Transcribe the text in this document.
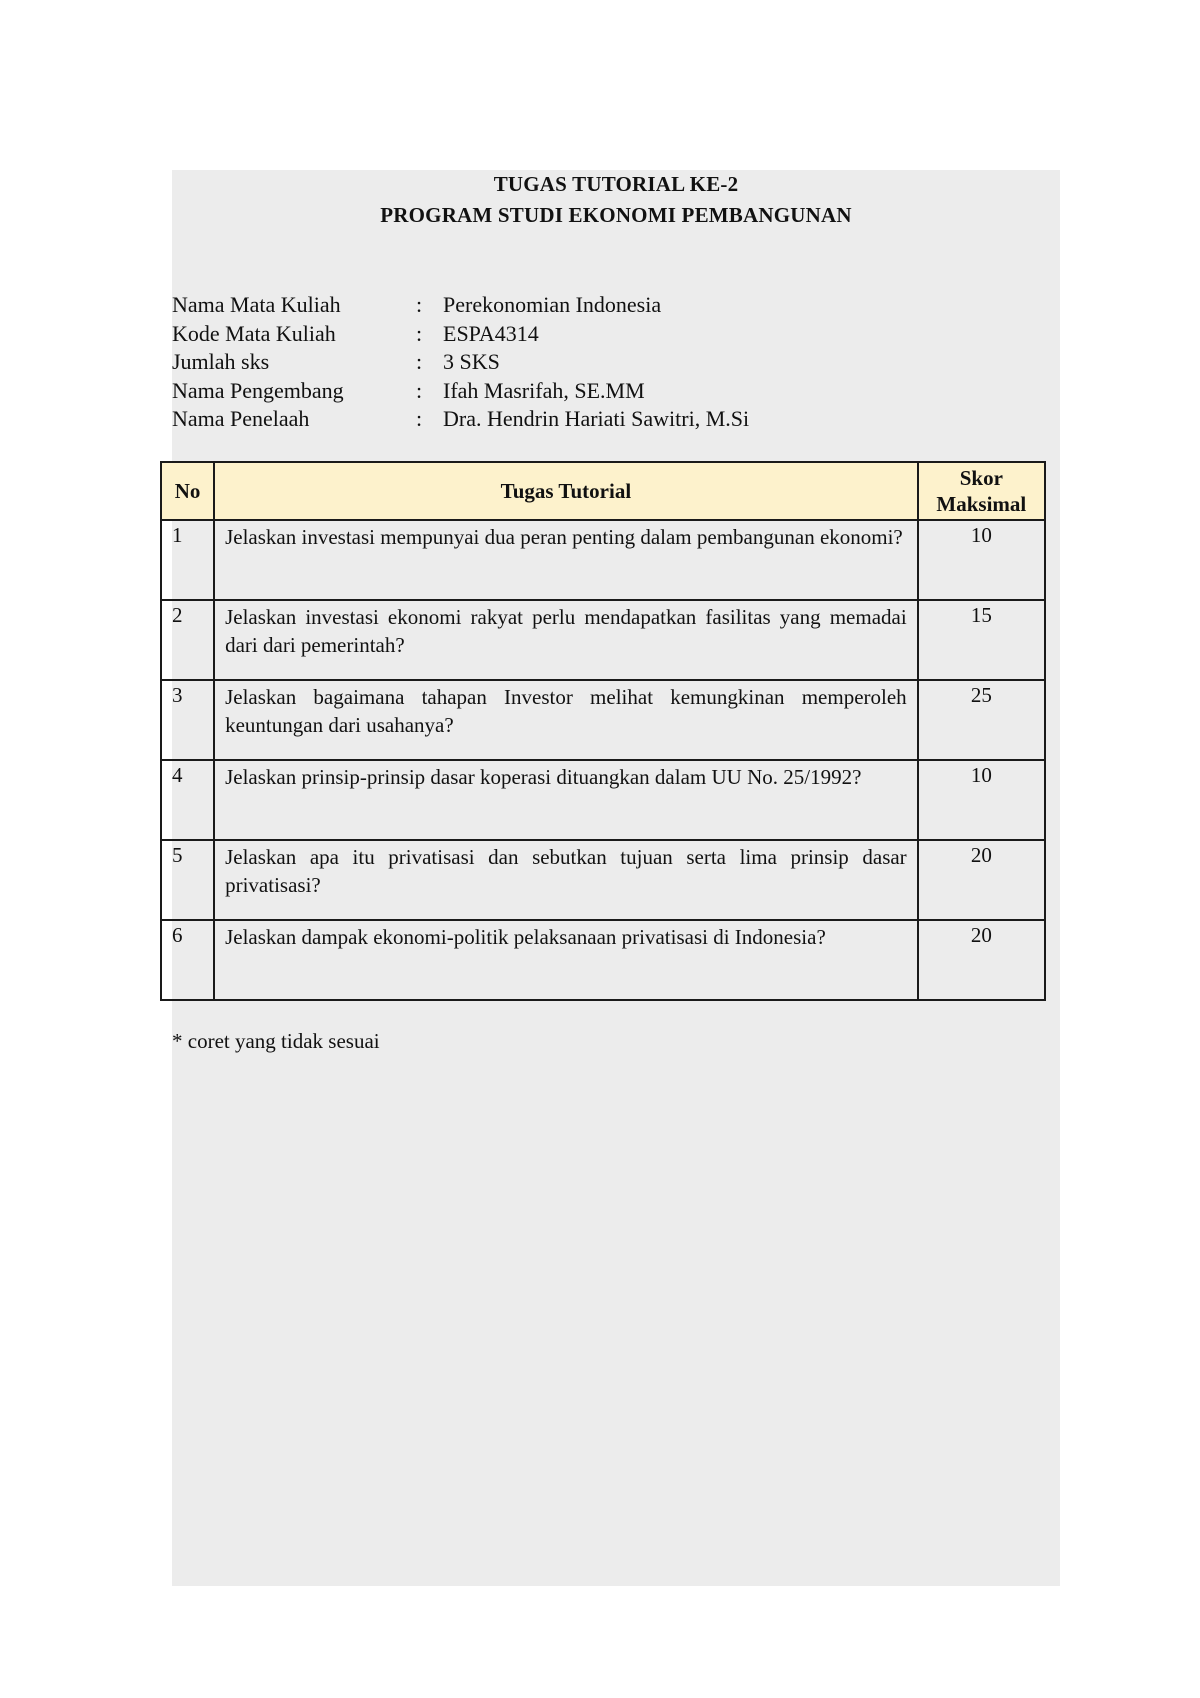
TUGAS TUTORIAL KE-2
PROGRAM STUDI EKONOMI PEMBANGUNAN
Nama Mata Kuliah	: Perekonomian Indonesia
Kode Mata Kuliah	: ESPA4314
Jumlah sks	: 3 SKS
Nama Pengembang	: Ifah Masrifah, SE.MM
Nama Penelaah	: Dra. Hendrin Hariati Sawitri, M.Si
No	Tugas Tutorial	Skor
Maksimal
1	Jelaskan investasi mempunyai dua peran penting dalam pembangunan ekonomi?	10
2	Jelaskan investasi ekonomi rakyat perlu mendapatkan fasilitas yang memadai dari dari pemerintah?	15
3	Jelaskan bagaimana tahapan Investor melihat kemungkinan memperoleh keuntungan dari usahanya?	25
4	Jelaskan prinsip-prinsip dasar koperasi dituangkan dalam UU No. 25/1992?	10
5	Jelaskan apa itu privatisasi dan sebutkan tujuan serta lima prinsip dasar privatisasi?	20
6	Jelaskan dampak ekonomi-politik pelaksanaan privatisasi di Indonesia?	20
* coret yang tidak sesuai
